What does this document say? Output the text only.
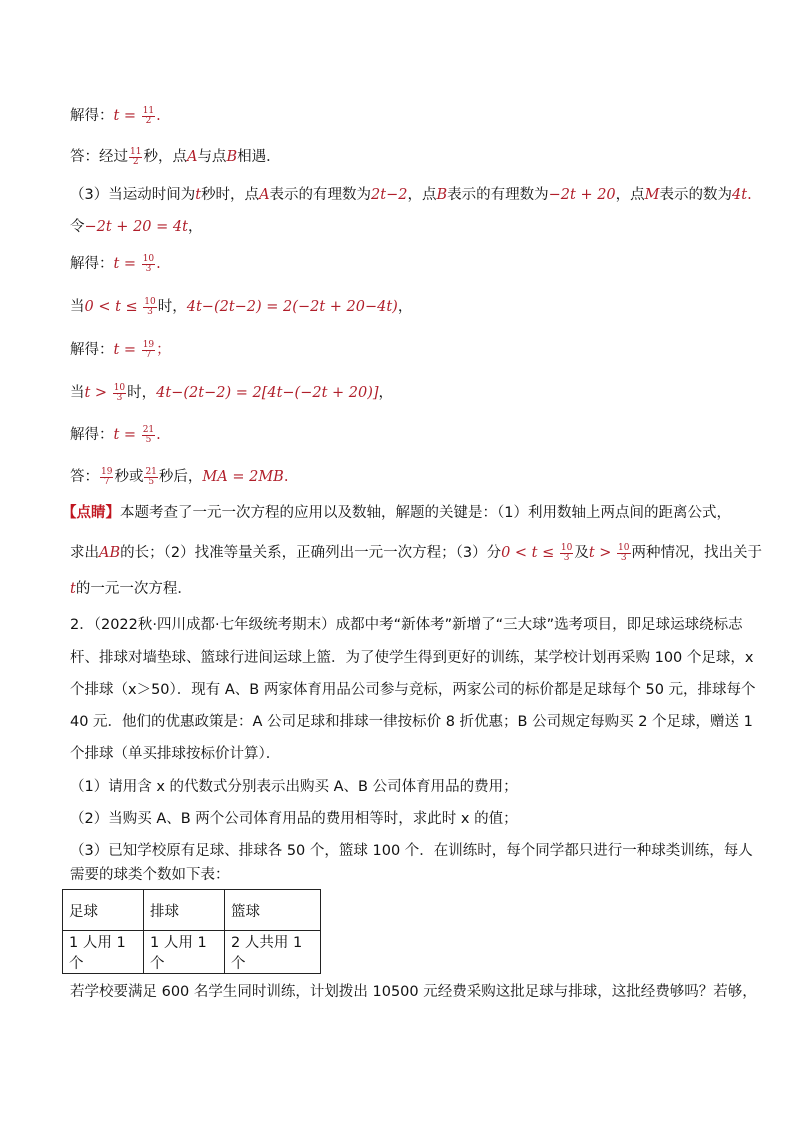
解得：$t = \frac{11}{2}$ .
答：经过 $\frac{11}{2}$ 秒，点A与点B相遇．
（3）当运动时间为t秒时，点A表示的有理数为2t−2，点B表示的有理数为−2t + 20，点M表示的数为4t.
令−2t + 20 = 4t，
解得：$t = \frac{10}{3}$ .
当$0 < t \le \frac{10}{3}$ 时，4t−(2t−2) = 2(−2t + 20−4t)，
解得：$t = \frac{19}{7}$ ；
当$t > \frac{10}{3}$ 时，4t−(2t−2) = 2[4t−(−2t + 20)]，
解得：$t = \frac{21}{5}$ .
答： $\frac{19}{7}$ 秒或 $\frac{21}{5}$ 秒后，MA = 2MB.
【点睛】本题考查了一元一次方程的应用以及数轴，解题的关键是：（1）利用数轴上两点间的距离公式，
求出AB的长；（2）找准等量关系，正确列出一元一次方程；（3）分$0 < t \le \frac{10}{3}$ 及$t > \frac{10}{3}$ 两种情况，找出关于
t的一元一次方程．
2．（2022秋·四川成都·七年级统考期末）成都中考“新体考”新增了“三大球”选考项目，即足球运球绕标志
杆、排球对墙垫球、篮球行进间运球上篮．为了使学生得到更好的训练，某学校计划再采购 100 个足球，x
个排球（x＞50）．现有 A、B 两家体育用品公司参与竞标，两家公司的标价都是足球每个 50 元，排球每个
40 元．他们的优惠政策是：A 公司足球和排球一律按标价 8 折优惠；B 公司规定每购买 2 个足球，赠送 1
个排球（单买排球按标价计算）．
（1）请用含 x 的代数式分别表示出购买 A、B 公司体育用品的费用；
（2）当购买 A、B 两个公司体育用品的费用相等时，求此时 x 的值；
（3）已知学校原有足球、排球各 50 个，篮球 100 个．在训练时，每个同学都只进行一种球类训练，每人
需要的球类个数如下表：
足球	排球	篮球
1 人用 1 个	1 人用 1 个	2 人共用 1 个
若学校要满足 600 名学生同时训练，计划拨出 10500 元经费采购这批足球与排球，这批经费够吗？若够，
